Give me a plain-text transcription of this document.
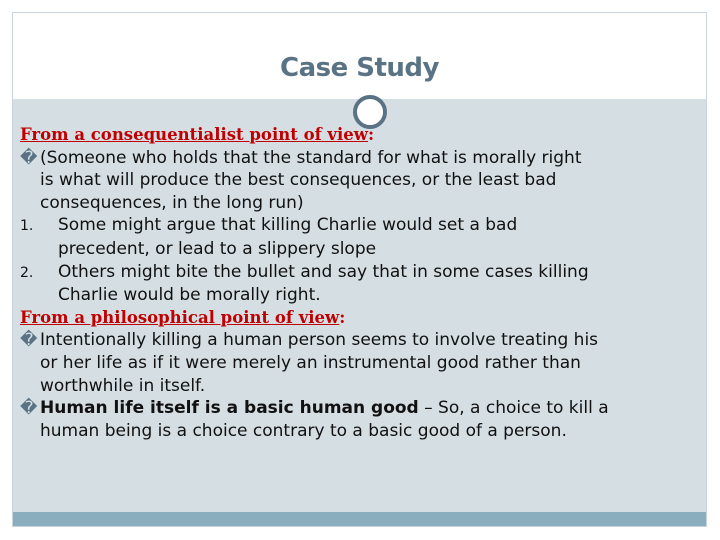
Case Study
From a consequentialist point of view:
� (Someone who holds that the standard for what is morally right
is what will produce the best consequences, or the least bad
consequences, in the long run)
1. Some might argue that killing Charlie would set a bad
precedent, or lead to a slippery slope
2. Others might bite the bullet and say that in some cases killing
Charlie would be morally right.
From a philosophical point of view:
� Intentionally killing a human person seems to involve treating his
or her life as if it were merely an instrumental good rather than
worthwhile in itself.
� Human life itself is a basic human good – So, a choice to kill a
human being is a choice contrary to a basic good of a person.
